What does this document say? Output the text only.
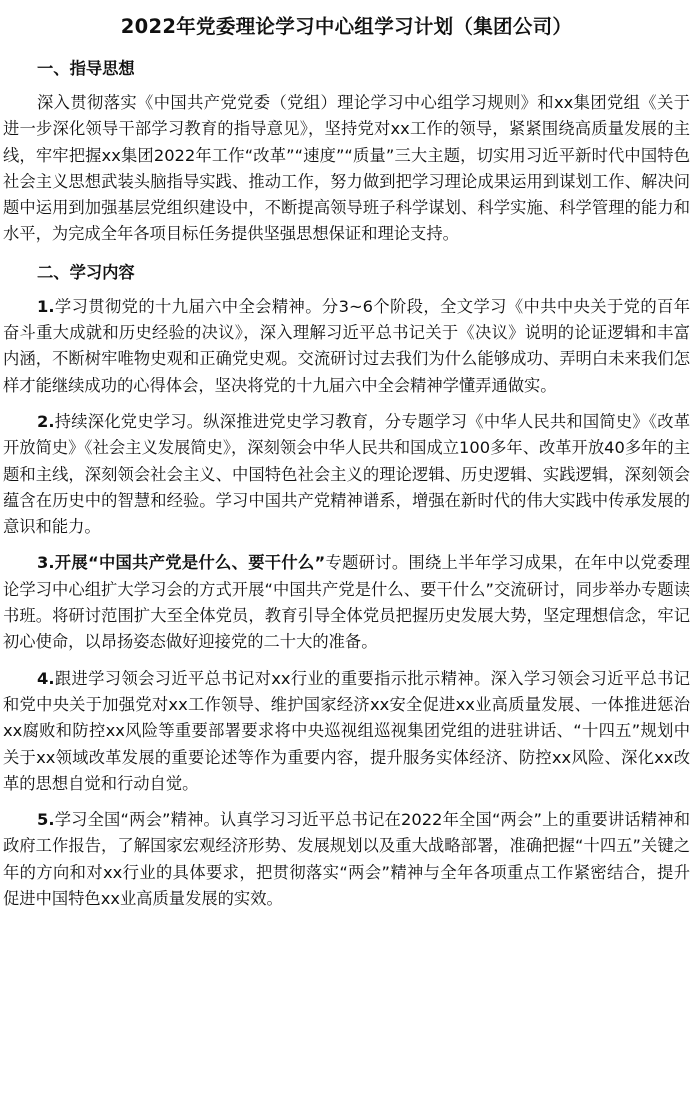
2022年党委理论学习中心组学习计划（集团公司）
一、指导思想

深入贯彻落实《中国共产党党委（党组）理论学习中心组学习规则》和xx集团党组《关于进一步深化领导干部学习教育的指导意见》，坚持党对xx工作的领导，紧紧围绕高质量发展的主线，牢牢把握xx集团2022年工作“改革”“速度”“质量”三大主题，切实用习近平新时代中国特色社会主义思想武装头脑指导实践、推动工作，努力做到把学习理论成果运用到谋划工作、解决问题中运用到加强基层党组织建设中，不断提高领导班子科学谋划、科学实施、科学管理的能力和水平，为完成全年各项目标任务提供坚强思想保证和理论支持。

二、学习内容

1.学习贯彻党的十九届六中全会精神。分3~6个阶段，全文学习《中共中央关于党的百年奋斗重大成就和历史经验的决议》，深入理解习近平总书记关于《决议》说明的论证逻辑和丰富内涵，不断树牢唯物史观和正确党史观。交流研讨过去我们为什么能够成功、弄明白未来我们怎样才能继续成功的心得体会，坚决将党的十九届六中全会精神学懂弄通做实。

2.持续深化党史学习。纵深推进党史学习教育，分专题学习《中华人民共和国简史》《改革开放简史》《社会主义发展简史》，深刻领会中华人民共和国成立100多年、改革开放40多年的主题和主线，深刻领会社会主义、中国特色社会主义的理论逻辑、历史逻辑、实践逻辑，深刻领会蕴含在历史中的智慧和经验。学习中国共产党精神谱系，增强在新时代的伟大实践中传承发展的意识和能力。

3.开展“中国共产党是什么、要干什么”专题研讨。围绕上半年学习成果，在年中以党委理论学习中心组扩大学习会的方式开展“中国共产党是什么、要干什么”交流研讨，同步举办专题读书班。将研讨范围扩大至全体党员，教育引导全体党员把握历史发展大势，坚定理想信念，牢记初心使命，以昂扬姿态做好迎接党的二十大的准备。

4.跟进学习领会习近平总书记对xx行业的重要指示批示精神。深入学习领会习近平总书记和党中央关于加强党对xx工作领导、维护国家经济xx安全促进xx业高质量发展、一体推进惩治xx腐败和防控xx风险等重要部署要求将中央巡视组巡视集团党组的进驻讲话、“十四五”规划中关于xx领域改革发展的重要论述等作为重要内容，提升服务实体经济、防控xx风险、深化xx改革的思想自觉和行动自觉。

5.学习全国“两会”精神。认真学习习近平总书记在2022年全国“两会”上的重要讲话精神和政府工作报告，了解国家宏观经济形势、发展规划以及重大战略部署，准确把握“十四五”关键之年的方向和对xx行业的具体要求，把贯彻落实“两会”精神与全年各项重点工作紧密结合，提升促进中国特色xx业高质量发展的实效。
